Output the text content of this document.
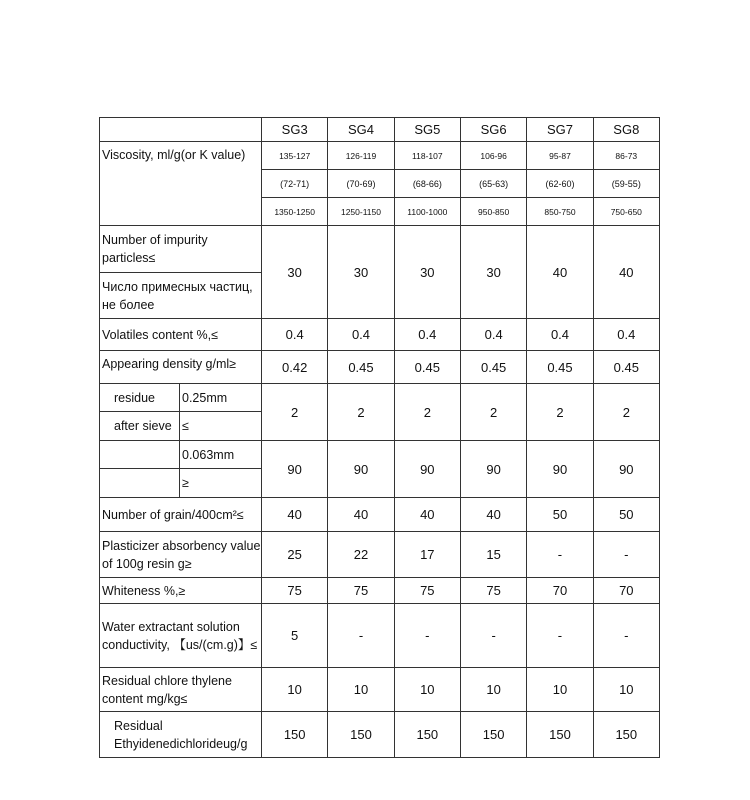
		SG3	SG4	SG5	SG6	SG7	SG8
Viscosity, ml/g(or K value)		135-127	126-119	118-107	106-96	95-87	86-73
		(72-71)	(70-69)	(68-66)	(65-63)	(62-60)	(59-55)
		1350-1250	1250-1150	1100-1000	950-850	850-750	750-650
Number of impurity particles≤		30	30	30	30	40	40
Число примесных частиц, не более							
Volatiles content %,≤		0.4	0.4	0.4	0.4	0.4	0.4
Appearing density g/ml≥		0.42	0.45	0.45	0.45	0.45	0.45
residue	0.25mm	2	2	2	2	2	2
after sieve	≤						
	0.063mm	90	90	90	90	90	90
	≥						
Number of grain/400cm²≤		40	40	40	40	50	50
Plasticizer absorbency value of 100g resin g≥		25	22	17	15	-	-
Whiteness %,≥		75	75	75	75	70	70
Water extractant solution conductivity, 【us/(cm.g)】≤		5	-	-	-	-	-
Residual chlore thylene content mg/kg≤		10	10	10	10	10	10
Residual Ethyidenedichlorideug/g		150	150	150	150	150	150
